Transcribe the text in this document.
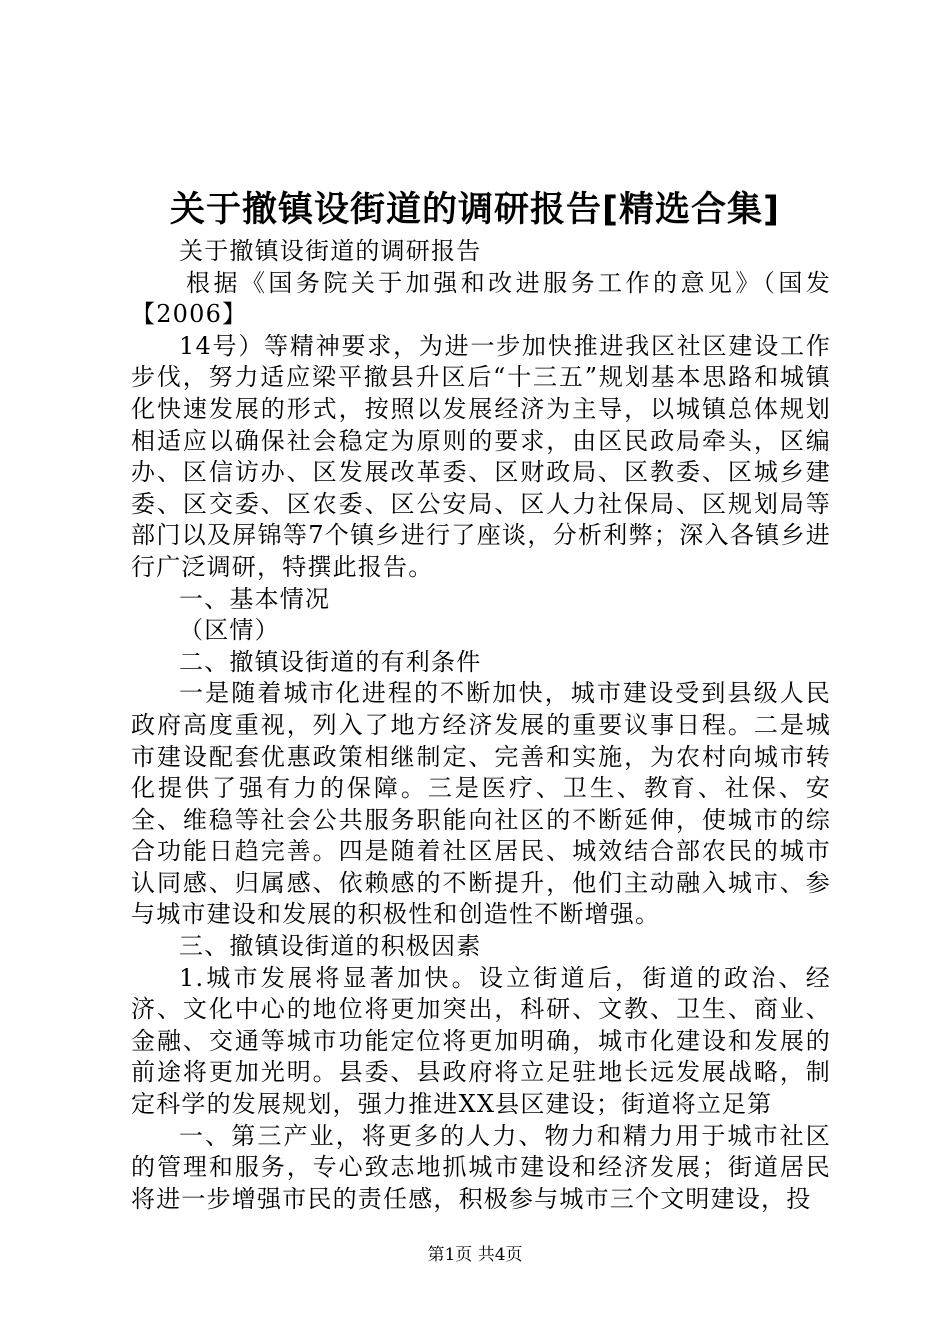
关于撤镇设街道的调研报告[精选合集]

关于撤镇设街道的调研报告

根据《国务院关于加强和改进服务工作的意见》（国发【2006】

14号）等精神要求，为进一步加快推进我区社区建设工作步伐，努力适应梁平撤县升区后“十三五”规划基本思路和城镇化快速发展的形式，按照以发展经济为主导，以城镇总体规划相适应以确保社会稳定为原则的要求，由区民政局牵头，区编办、区信访办、区发展改革委、区财政局、区教委、区城乡建委、区交委、区农委、区公安局、区人力社保局、区规划局等部门以及屏锦等7个镇乡进行了座谈，分析利弊；深入各镇乡进行广泛调研，特撰此报告。

一、基本情况

（区情）

二、撤镇设街道的有利条件

一是随着城市化进程的不断加快，城市建设受到县级人民政府高度重视，列入了地方经济发展的重要议事日程。二是城市建设配套优惠政策相继制定、完善和实施，为农村向城市转化提供了强有力的保障。三是医疗、卫生、教育、社保、安全、维稳等社会公共服务职能向社区的不断延伸，使城市的综合功能日趋完善。四是随着社区居民、城效结合部农民的城市认同感、归属感、依赖感的不断提升，他们主动融入城市、参与城市建设和发展的积极性和创造性不断增强。

三、撤镇设街道的积极因素

1.城市发展将显著加快。设立街道后，街道的政治、经济、文化中心的地位将更加突出，科研、文教、卫生、商业、金融、交通等城市功能定位将更加明确，城市化建设和发展的前途将更加光明。县委、县政府将立足驻地长远发展战略，制定科学的发展规划，强力推进XX县区建设；街道将立足第

一、第三产业，将更多的人力、物力和精力用于城市社区的管理和服务，专心致志地抓城市建设和经济发展；街道居民将进一步增强市民的责任感，积极参与城市三个文明建设，投

第1页 共4页
